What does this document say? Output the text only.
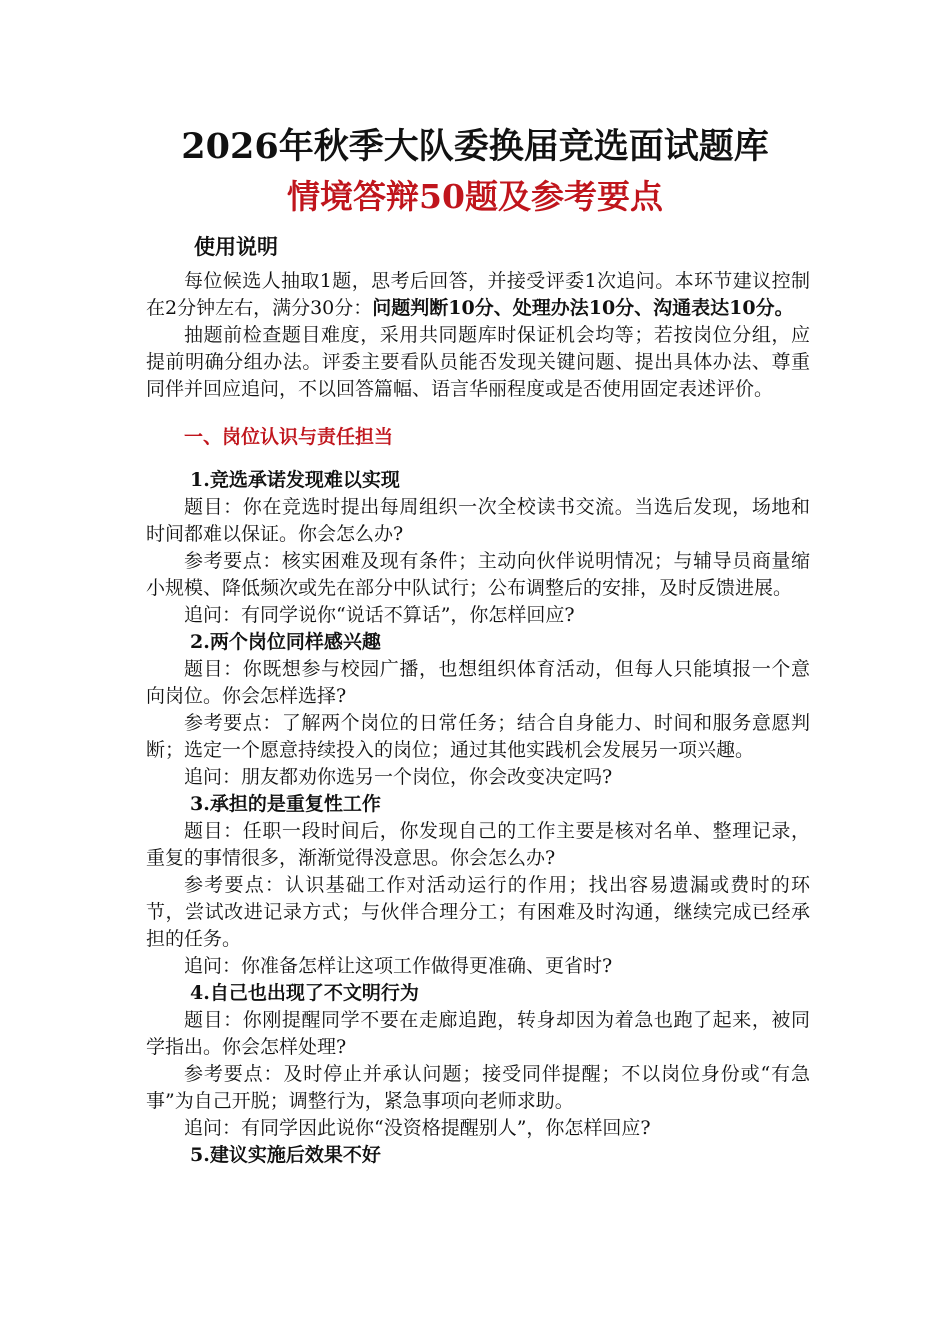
2026年秋季大队委换届竞选面试题库
情境答辩50题及参考要点

使用说明

每位候选人抽取1题，思考后回答，并接受评委1次追问。本环节建议控制在2分钟左右，满分30分：问题判断10分、处理办法10分、沟通表达10分。

抽题前检查题目难度，采用共同题库时保证机会均等；若按岗位分组，应提前明确分组办法。评委主要看队员能否发现关键问题、提出具体办法、尊重同伴并回应追问，不以回答篇幅、语言华丽程度或是否使用固定表述评价。

一、岗位认识与责任担当

1.竞选承诺发现难以实现

题目：你在竞选时提出每周组织一次全校读书交流。当选后发现，场地和时间都难以保证。你会怎么办?

参考要点：核实困难及现有条件；主动向伙伴说明情况；与辅导员商量缩小规模、降低频次或先在部分中队试行；公布调整后的安排，及时反馈进展。

追问：有同学说你“说话不算话”，你怎样回应?

2.两个岗位同样感兴趣

题目：你既想参与校园广播，也想组织体育活动，但每人只能填报一个意向岗位。你会怎样选择?

参考要点：了解两个岗位的日常任务；结合自身能力、时间和服务意愿判断；选定一个愿意持续投入的岗位；通过其他实践机会发展另一项兴趣。

追问：朋友都劝你选另一个岗位，你会改变决定吗?

3.承担的是重复性工作

题目：任职一段时间后，你发现自己的工作主要是核对名单、整理记录，重复的事情很多，渐渐觉得没意思。你会怎么办?

参考要点：认识基础工作对活动运行的作用；找出容易遗漏或费时的环节，尝试改进记录方式；与伙伴合理分工；有困难及时沟通，继续完成已经承担的任务。

追问：你准备怎样让这项工作做得更准确、更省时?

4.自己也出现了不文明行为

题目：你刚提醒同学不要在走廊追跑，转身却因为着急也跑了起来，被同学指出。你会怎样处理?

参考要点：及时停止并承认问题；接受同伴提醒；不以岗位身份或“有急事”为自己开脱；调整行为，紧急事项向老师求助。

追问：有同学因此说你“没资格提醒别人”，你怎样回应?

5.建议实施后效果不好
